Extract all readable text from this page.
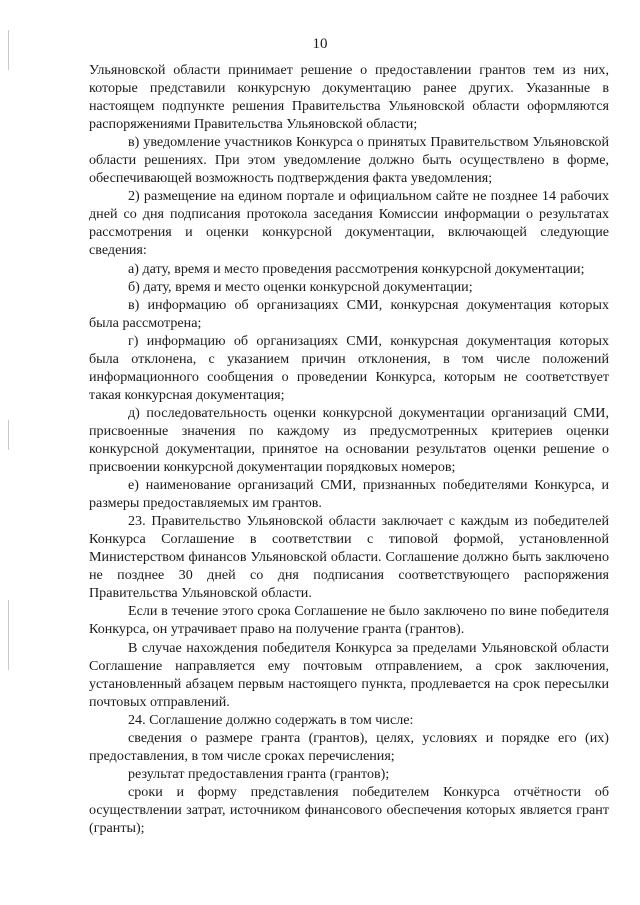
10

Ульяновской области принимает решение о предоставлении грантов тем из них, которые представили конкурсную документацию ранее других. Указанные в настоящем подпункте решения Правительства Ульяновской области оформляются распоряжениями Правительства Ульяновской области;

в) уведомление участников Конкурса о принятых Правительством Ульяновской области решениях. При этом уведомление должно быть осуществлено в форме, обеспечивающей возможность подтверждения факта уведомления;

2) размещение на едином портале и официальном сайте не позднее 14 рабочих дней со дня подписания протокола заседания Комиссии информации о результатах рассмотрения и оценки конкурсной документации, включающей следующие сведения:

а) дату, время и место проведения рассмотрения конкурсной документации;

б) дату, время и место оценки конкурсной документации;

в) информацию об организациях СМИ, конкурсная документация которых была рассмотрена;

г) информацию об организациях СМИ, конкурсная документация которых была отклонена, с указанием причин отклонения, в том числе положений информационного сообщения о проведении Конкурса, которым не соответствует такая конкурсная документация;

д) последовательность оценки конкурсной документации организаций СМИ, присвоенные значения по каждому из предусмотренных критериев оценки конкурсной документации, принятое на основании результатов оценки решение о присвоении конкурсной документации порядковых номеров;

е) наименование организаций СМИ, признанных победителями Конкурса, и размеры предоставляемых им грантов.

23. Правительство Ульяновской области заключает с каждым из победителей Конкурса Соглашение в соответствии с типовой формой, установленной Министерством финансов Ульяновской области. Соглашение должно быть заключено не позднее 30 дней со дня подписания соответствующего распоряжения Правительства Ульяновской области.

Если в течение этого срока Соглашение не было заключено по вине победителя Конкурса, он утрачивает право на получение гранта (грантов).

В случае нахождения победителя Конкурса за пределами Ульяновской области Соглашение направляется ему почтовым отправлением, а срок заключения, установленный абзацем первым настоящего пункта, продлевается на срок пересылки почтовых отправлений.

24. Соглашение должно содержать в том числе:

сведения о размере гранта (грантов), целях, условиях и порядке его (их) предоставления, в том числе сроках перечисления;

результат предоставления гранта (грантов);

сроки и форму представления победителем Конкурса отчётности об осуществлении затрат, источником финансового обеспечения которых является грант (гранты);
